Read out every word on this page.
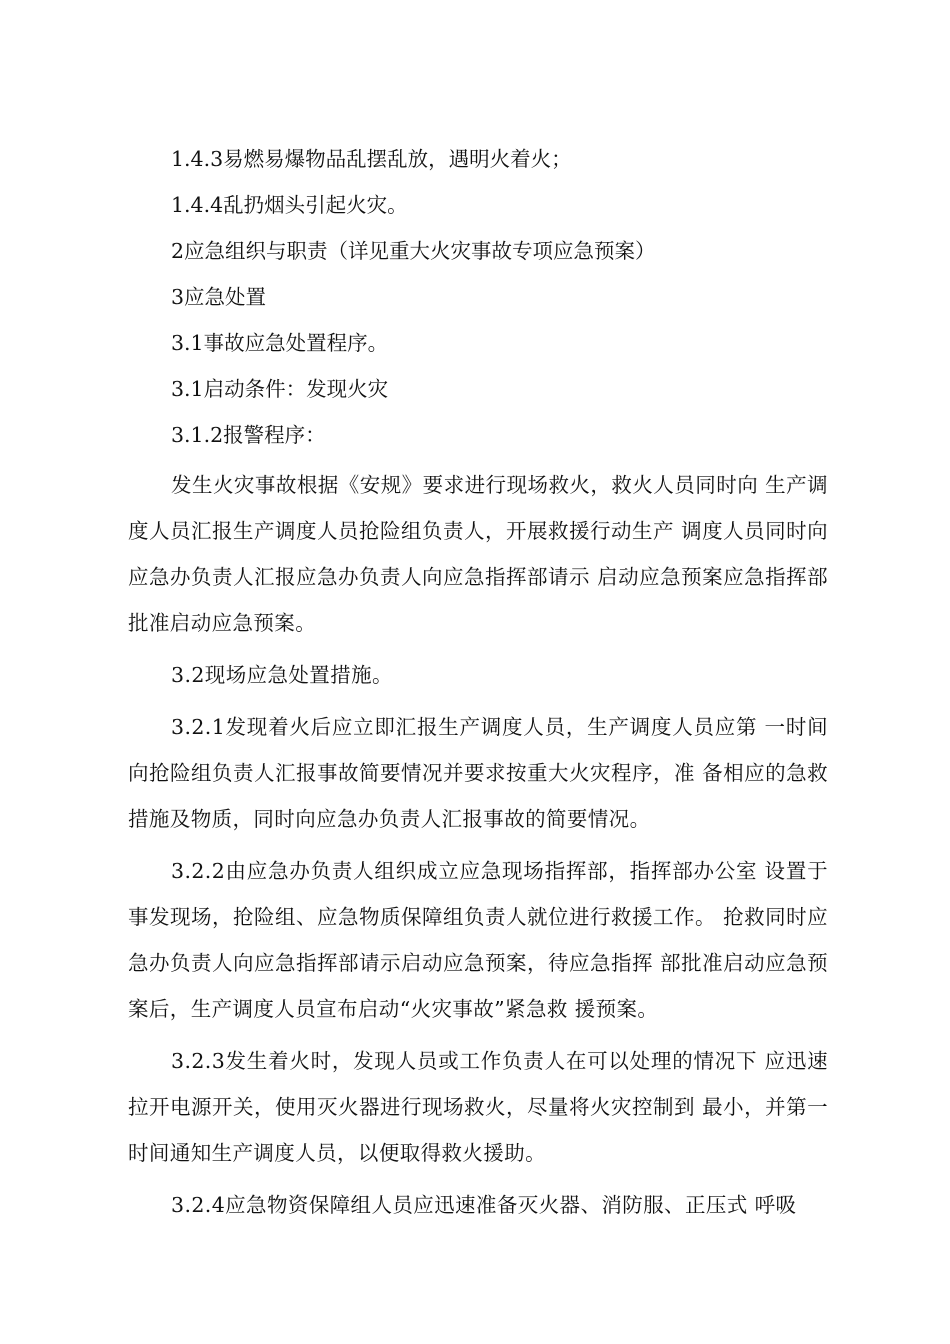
1.4.3易燃易爆物品乱摆乱放，遇明火着火；

1.4.4乱扔烟头引起火灾。

2应急组织与职责（详见重大火灾事故专项应急预案）

3应急处置

3.1事故应急处置程序。

3.1启动条件：发现火灾

3.1.2报警程序：

发生火灾事故根据《安规》要求进行现场救火，救火人员同时向 生产调度人员汇报生产调度人员抢险组负责人，开展救援行动生产 调度人员同时向应急办负责人汇报应急办负责人向应急指挥部请示 启动应急预案应急指挥部批准启动应急预案。

3.2现场应急处置措施。

3.2.1发现着火后应立即汇报生产调度人员，生产调度人员应第 一时间向抢险组负责人汇报事故简要情况并要求按重大火灾程序，准 备相应的急救措施及物质，同时向应急办负责人汇报事故的简要情况。

3.2.2由应急办负责人组织成立应急现场指挥部，指挥部办公室 设置于事发现场，抢险组、应急物质保障组负责人就位进行救援工作。 抢救同时应急办负责人向应急指挥部请示启动应急预案，待应急指挥 部批准启动应急预案后，生产调度人员宣布启动“火灾事故”紧急救 援预案。

3.2.3发生着火时，发现人员或工作负责人在可以处理的情况下 应迅速拉开电源开关，使用灭火器进行现场救火，尽量将火灾控制到 最小，并第一时间通知生产调度人员，以便取得救火援助。

3.2.4应急物资保障组人员应迅速准备灭火器、消防服、正压式 呼吸
